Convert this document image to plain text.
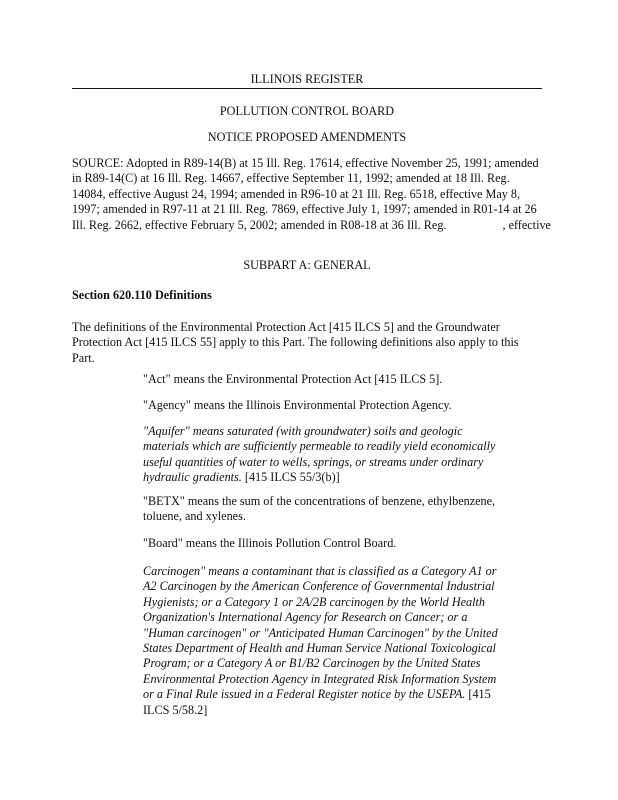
ILLINOIS REGISTER
POLLUTION CONTROL BOARD
NOTICE PROPOSED AMENDMENTS
SOURCE: Adopted in R89-14(B) at 15 Ill. Reg. 17614, effective November 25, 1991; amended
in R89-14(C) at 16 Ill. Reg. 14667, effective September 11, 1992; amended at 18 Ill. Reg.
14084, effective August 24, 1994; amended in R96-10 at 21 Ill. Reg. 6518, effective May 8,
1997; amended in R97-11 at 21 Ill. Reg. 7869, effective July 1, 1997; amended in R01-14 at 26
Ill. Reg. 2662, effective February 5, 2002; amended in R08-18 at 36 Ill. Reg.	, effective
SUBPART A: GENERAL
Section 620.110 Definitions
The definitions of the Environmental Protection Act [415 ILCS 5] and the Groundwater
Protection Act [415 ILCS 55] apply to this Part. The following definitions also apply to this
Part.
"Act" means the Environmental Protection Act [415 ILCS 5].
"Agency" means the Illinois Environmental Protection Agency.
"Aquifer" means saturated (with groundwater) soils and geologic
materials which are sufficiently permeable to readily yield economically
useful quantities of water to wells, springs, or streams under ordinary
hydraulic gradients. [415 ILCS 55/3(b)]
"BETX" means the sum of the concentrations of benzene, ethylbenzene,
toluene, and xylenes.
"Board" means the Illinois Pollution Control Board.
Carcinogen" means a contaminant that is classified as a Category A1 or
A2 Carcinogen by the American Conference of Governmental Industrial
Hygienists; or a Category 1 or 2A/2B carcinogen by the World Health
Organization's International Agency for Research on Cancer; or a
"Human carcinogen" or "Anticipated Human Carcinogen" by the United
States Department of Health and Human Service National Toxicological
Program; or a Category A or B1/B2 Carcinogen by the United States
Environmental Protection Agency in Integrated Risk Information System
or a Final Rule issued in a Federal Register notice by the USEPA. [415
ILCS 5/58.2]
